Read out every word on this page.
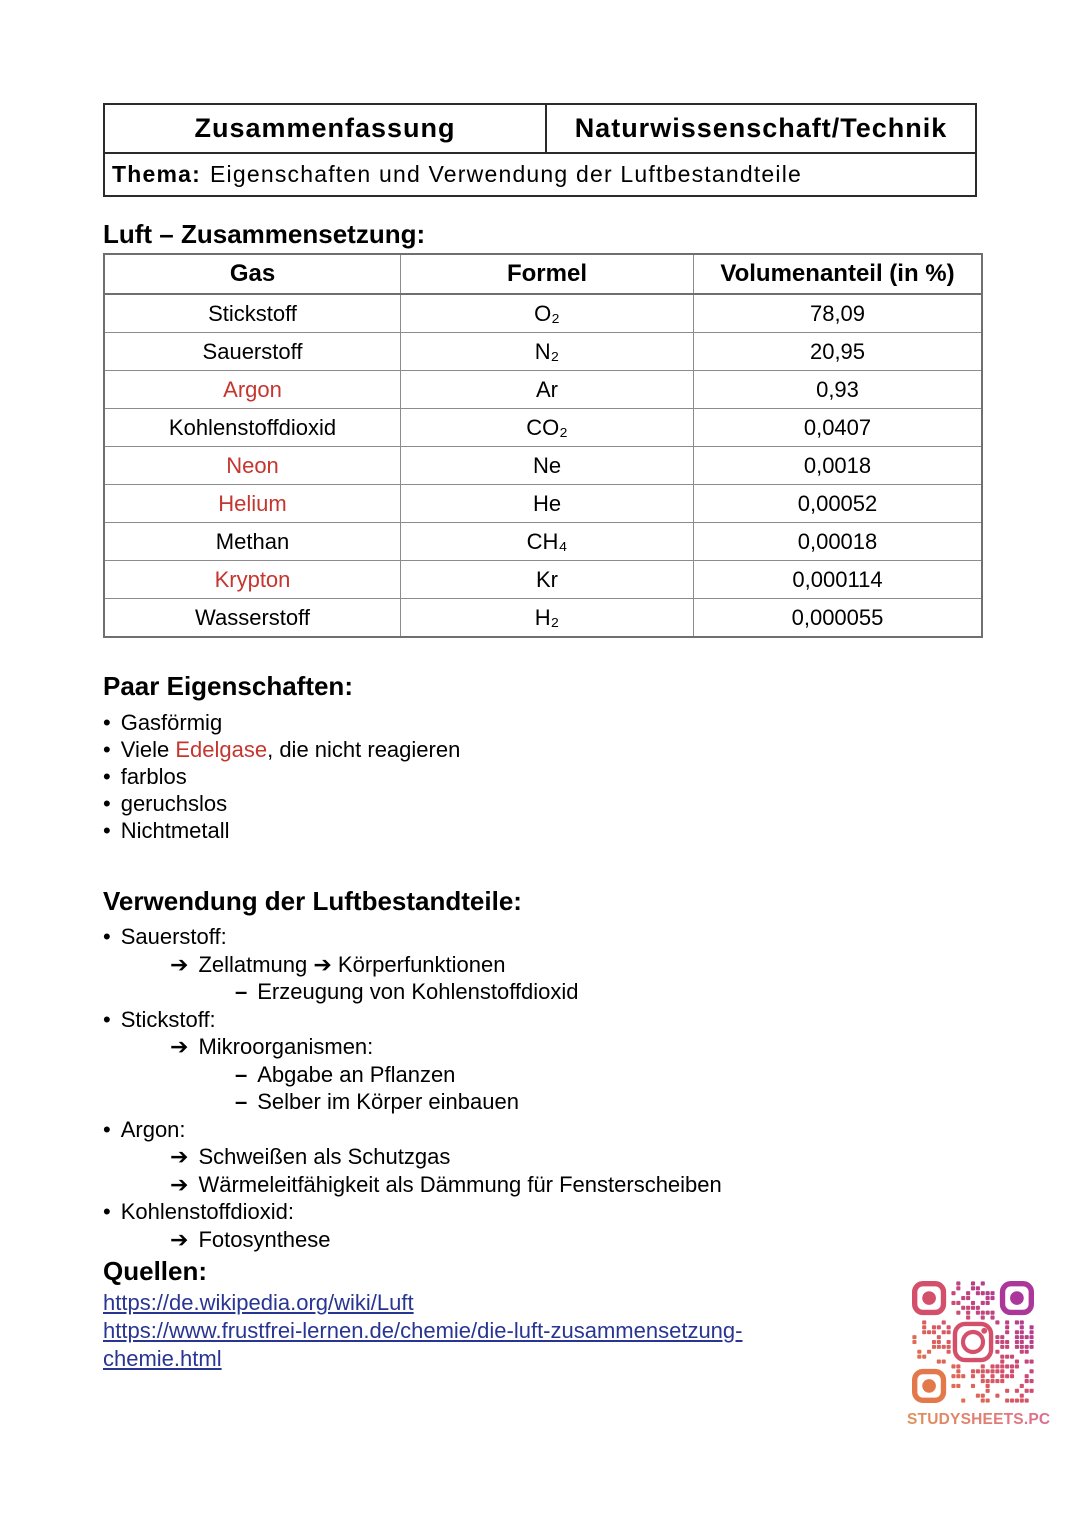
Zusammenfassung	Naturwissenschaft/Technik
Thema: Eigenschaften und Verwendung der Luftbestandteile
Luft – Zusammensetzung:
Gas	Formel	Volumenanteil (in %)
Stickstoff	O₂	78,09
Sauerstoff	N₂	20,95
Argon	Ar	0,93
Kohlenstoffdioxid	CO₂	0,0407
Neon	Ne	0,0018
Helium	He	0,00052
Methan	CH₄	0,00018
Krypton	Kr	0,000114
Wasserstoff	H₂	0,000055
Paar Eigenschaften:
• Gasförmig
• Viele Edelgase, die nicht reagieren
• farblos
• geruchslos
• Nichtmetall
Verwendung der Luftbestandteile:
• Sauerstoff:
➔ Zellatmung ➔ Körperfunktionen
– Erzeugung von Kohlenstoffdioxid
• Stickstoff:
➔ Mikroorganismen:
– Abgabe an Pflanzen
– Selber im Körper einbauen
• Argon:
➔ Schweißen als Schutzgas
➔ Wärmeleitfähigkeit als Dämmung für Fensterscheiben
• Kohlenstoffdioxid:
➔ Fotosynthese
Quellen:
https://de.wikipedia.org/wiki/Luft
https://www.frustfrei-lernen.de/chemie/die-luft-zusammensetzung-chemie.html
STUDYSHEETS.PC
